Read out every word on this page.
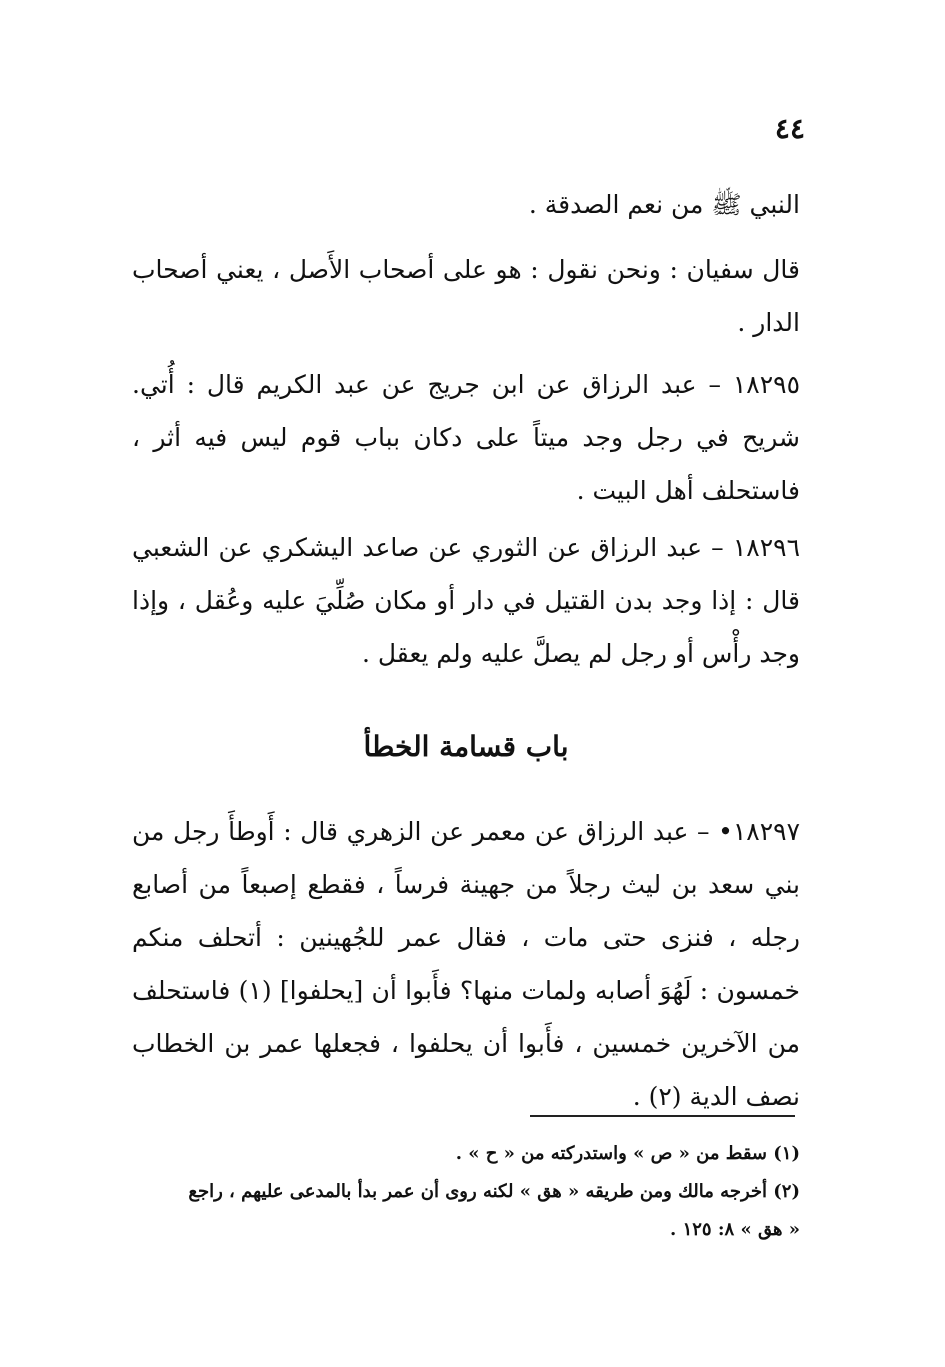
٤٤

النبي ﷺ من نعم الصدقة .

قال سفيان : ونحن نقول : هو على أصحاب الأَصل ، يعني أصحاب الدار .

١٨٢٩٥ – عبد الرزاق عن ابن جريج عن عبد الكريم قال : أُتي. شريح في رجل وجد ميتاً على دكان بباب قوم ليس فيه أثر ، فاستحلف أهل البيت .

١٨٢٩٦ – عبد الرزاق عن الثوري عن صاعد اليشكري عن الشعبي قال : إذا وجد بدن القتيل في دار أو مكان صُلِّيَ عليه وعُقل ، وإذا وجد رأْس أو رجل لم يصلَّ عليه ولم يعقل .

باب قسامة الخطأ

١٨٢٩٧• – عبد الرزاق عن معمر عن الزهري قال : أَوطأَ رجل من بني سعد بن ليث رجلاً من جهينة فرساً ، فقطع إصبعاً من أصابع رجله ، فنزى حتى مات ، فقال عمر للجُهينين : أتحلف منكم خمسون : لَهُوَ أصابه ولمات منها؟ فأَبوا أن [يحلفوا] (١) فاستحلف من الآخرين خمسين ، فأَبوا أن يحلفوا ، فجعلها عمر بن الخطاب نصف الدية (٢) .

(١) سقط من « ص » واستدركته من « ح » .
(٢) أخرجه مالك ومن طريقه « هق » لكنه روى أن عمر بدأ بالمدعى عليهم ، راجع
« هق » ٨: ١٢٥ .
